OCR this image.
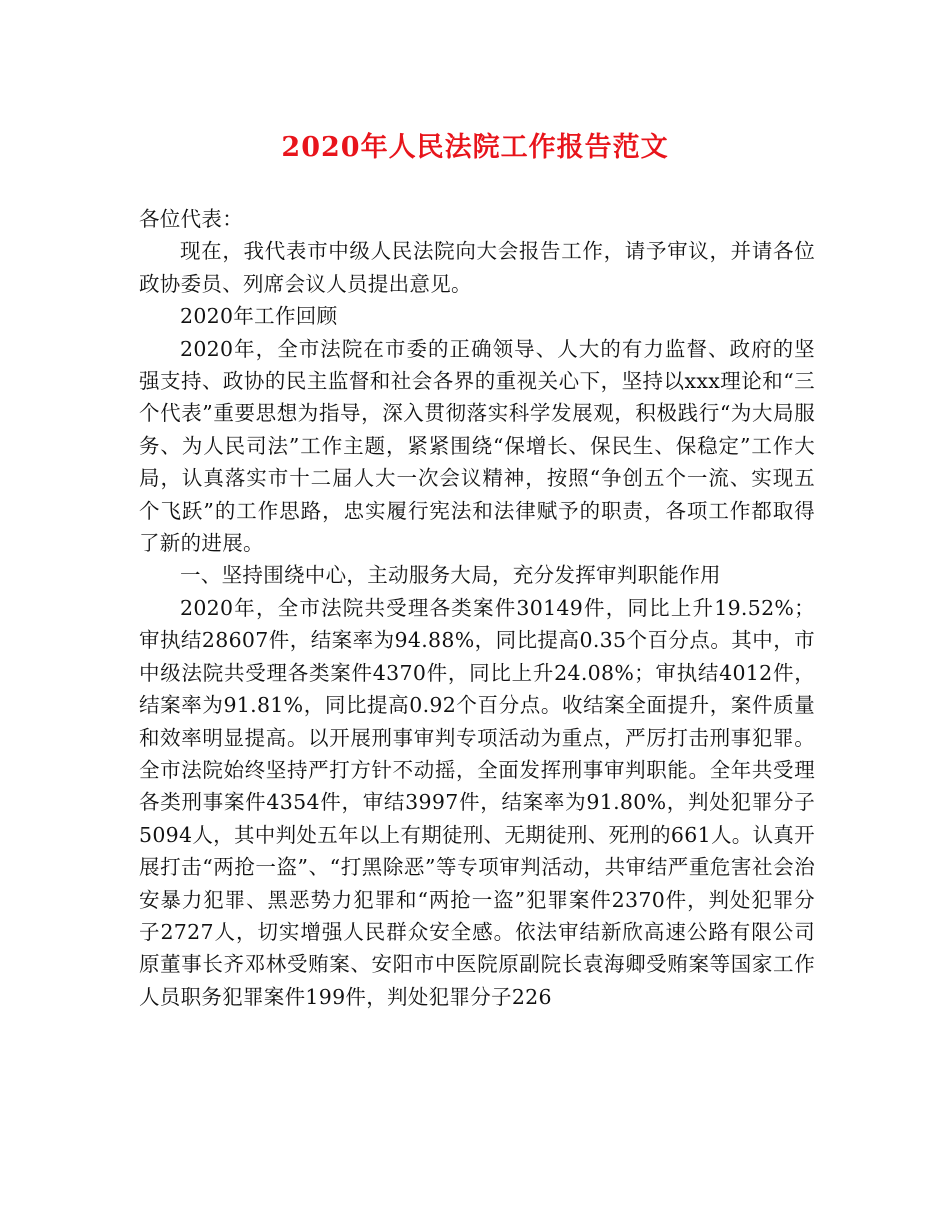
2020年人民法院工作报告范文

各位代表：

现在，我代表市中级人民法院向大会报告工作，请予审议，并请各位政协委员、列席会议人员提出意见。

2020年工作回顾

2020年，全市法院在市委的正确领导、人大的有力监督、政府的坚强支持、政协的民主监督和社会各界的重视关心下，坚持以xxx理论和“三个代表”重要思想为指导，深入贯彻落实科学发展观，积极践行“为大局服务、为人民司法”工作主题，紧紧围绕“保增长、保民生、保稳定”工作大局，认真落实市十二届人大一次会议精神，按照“争创五个一流、实现五个飞跃”的工作思路，忠实履行宪法和法律赋予的职责，各项工作都取得了新的进展。

一、坚持围绕中心，主动服务大局，充分发挥审判职能作用

2020年，全市法院共受理各类案件30149件，同比上升19.52%；审执结28607件，结案率为94.88%，同比提高0.35个百分点。其中，市中级法院共受理各类案件4370件，同比上升24.08%；审执结4012件，结案率为91.81%，同比提高0.92个百分点。收结案全面提升，案件质量和效率明显提高。以开展刑事审判专项活动为重点，严厉打击刑事犯罪。全市法院始终坚持严打方针不动摇，全面发挥刑事审判职能。全年共受理各类刑事案件4354件，审结3997件，结案率为91.80%，判处犯罪分子5094人，其中判处五年以上有期徒刑、无期徒刑、死刑的661人。认真开展打击“两抢一盗”、“打黑除恶”等专项审判活动，共审结严重危害社会治安暴力犯罪、黑恶势力犯罪和“两抢一盗”犯罪案件2370件，判处犯罪分子2727人，切实增强人民群众安全感。依法审结新欣高速公路有限公司原董事长齐邓林受贿案、安阳市中医院原副院长袁海卿受贿案等国家工作人员职务犯罪案件199件，判处犯罪分子226
